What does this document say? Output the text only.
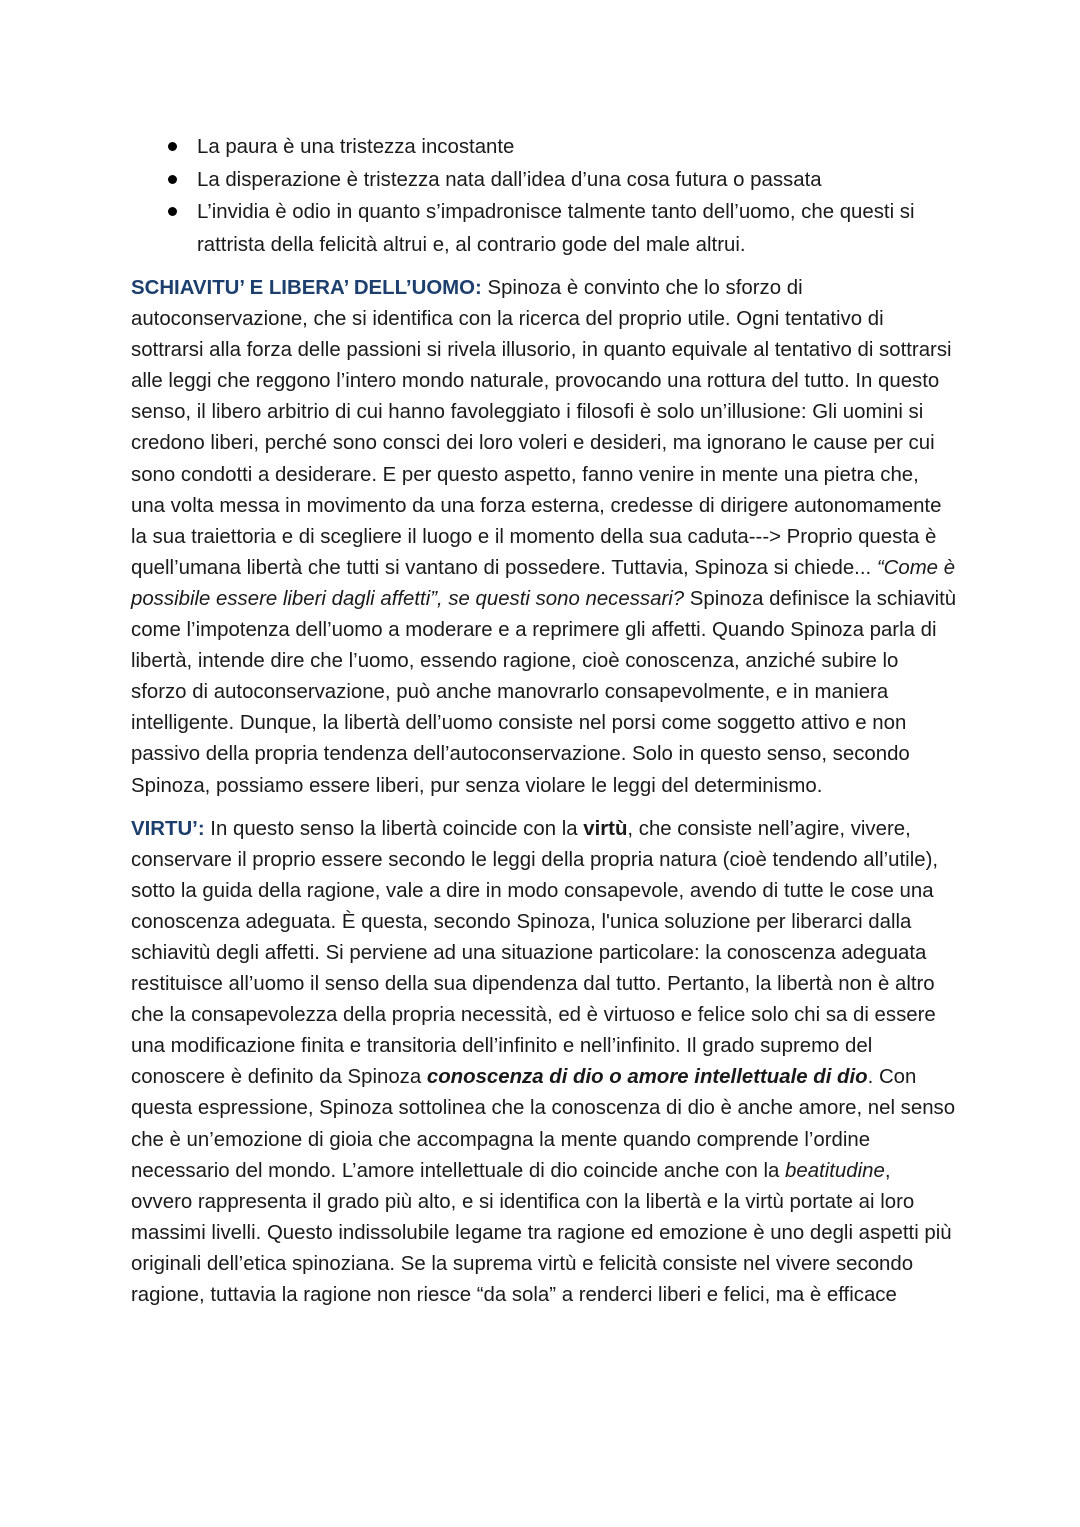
La paura è una tristezza incostante
La disperazione è tristezza nata dall’idea d’una cosa futura o passata
L’invidia è odio in quanto s’impadronisce talmente tanto dell’uomo, che questi si rattrista della felicità altrui e, al contrario gode del male altrui.

SCHIAVITU’ E LIBERA’ DELL’UOMO: Spinoza è convinto che lo sforzo di autoconservazione, che si identifica con la ricerca del proprio utile. Ogni tentativo di sottrarsi alla forza delle passioni si rivela illusorio, in quanto equivale al tentativo di sottrarsi alle leggi che reggono l’intero mondo naturale, provocando una rottura del tutto. In questo senso, il libero arbitrio di cui hanno favoleggiato i filosofi è solo un’illusione: Gli uomini si credono liberi, perché sono consci dei loro voleri e desideri, ma ignorano le cause per cui sono condotti a desiderare. E per questo aspetto, fanno venire in mente una pietra che, una volta messa in movimento da una forza esterna, credesse di dirigere autonomamente la sua traiettoria e di scegliere il luogo e il momento della sua caduta---> Proprio questa è quell’umana libertà che tutti si vantano di possedere. Tuttavia, Spinoza si chiede... “Come è possibile essere liberi dagli affetti”, se questi sono necessari? Spinoza definisce la schiavitù come l’impotenza dell’uomo a moderare e a reprimere gli affetti. Quando Spinoza parla di libertà, intende dire che l’uomo, essendo ragione, cioè conoscenza, anziché subire lo sforzo di autoconservazione, può anche manovrarlo consapevolmente, e in maniera intelligente. Dunque, la libertà dell’uomo consiste nel porsi come soggetto attivo e non passivo della propria tendenza dell’autoconservazione. Solo in questo senso, secondo Spinoza, possiamo essere liberi, pur senza violare le leggi del determinismo.

VIRTU’: In questo senso la libertà coincide con la virtù, che consiste nell’agire, vivere, conservare il proprio essere secondo le leggi della propria natura (cioè tendendo all’utile), sotto la guida della ragione, vale a dire in modo consapevole, avendo di tutte le cose una conoscenza adeguata. È questa, secondo Spinoza, l'unica soluzione per liberarci dalla schiavitù degli affetti. Si perviene ad una situazione particolare: la conoscenza adeguata restituisce all’uomo il senso della sua dipendenza dal tutto. Pertanto, la libertà non è altro che la consapevolezza della propria necessità, ed è virtuoso e felice solo chi sa di essere una modificazione finita e transitoria dell’infinito e nell’infinito. Il grado supremo del conoscere è definito da Spinoza conoscenza di dio o amore intellettuale di dio. Con questa espressione, Spinoza sottolinea che la conoscenza di dio è anche amore, nel senso che è un’emozione di gioia che accompagna la mente quando comprende l’ordine necessario del mondo. L’amore intellettuale di dio coincide anche con la beatitudine, ovvero rappresenta il grado più alto, e si identifica con la libertà e la virtù portate ai loro massimi livelli. Questo indissolubile legame tra ragione ed emozione è uno degli aspetti più originali dell’etica spinoziana. Se la suprema virtù e felicità consiste nel vivere secondo ragione, tuttavia la ragione non riesce “da sola” a renderci liberi e felici, ma è efficace
